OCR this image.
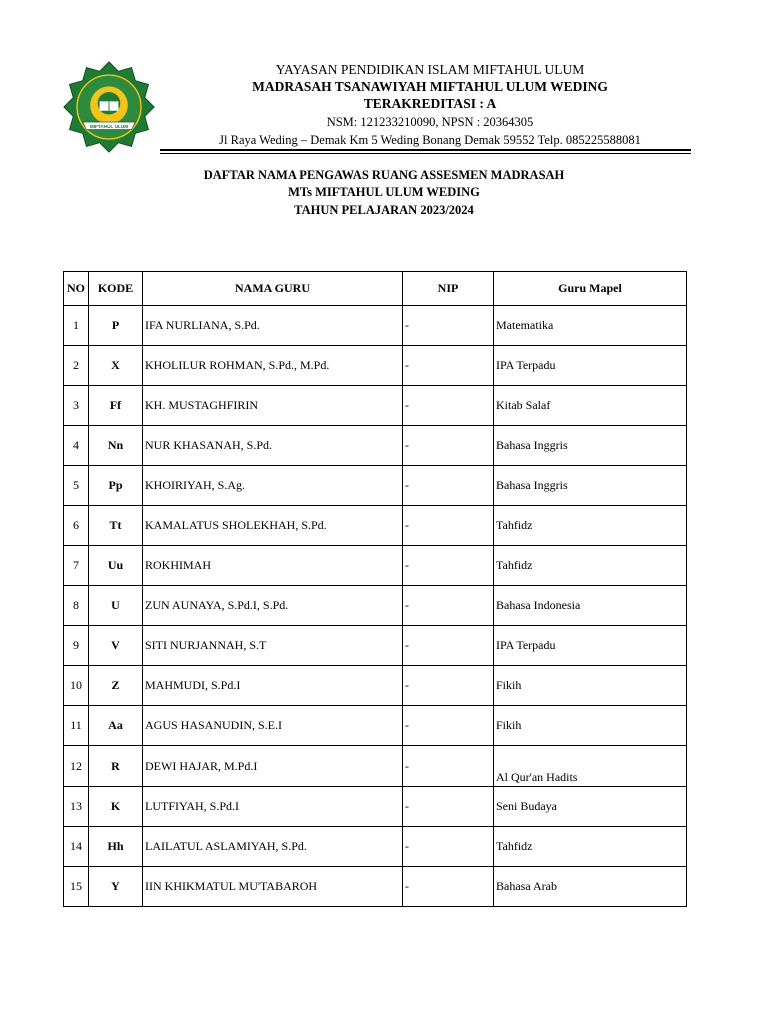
MIFTAHUL ULUM
YAYASAN PENDIDIKAN ISLAM MIFTAHUL ULUM
MADRASAH TSANAWIYAH MIFTAHUL ULUM WEDING
TERAKREDITASI : A
NSM: 121233210090, NPSN : 20364305
Jl Raya Weding – Demak Km 5 Weding Bonang Demak 59552 Telp. 085225588081
DAFTAR NAMA PENGAWAS RUANG ASSESMEN MADRASAH
MTs MIFTAHUL ULUM WEDING
TAHUN PELAJARAN 2023/2024
NO	KODE	NAMA GURU	NIP	Guru Mapel
1	P	IFA NURLIANA, S.Pd.	-	Matematika
2	X	KHOLILUR ROHMAN, S.Pd., M.Pd.	-	IPA Terpadu
3	Ff	KH. MUSTAGHFIRIN	-	Kitab Salaf
4	Nn	NUR KHASANAH, S.Pd.	-	Bahasa Inggris
5	Pp	KHOIRIYAH, S.Ag.	-	Bahasa Inggris
6	Tt	KAMALATUS SHOLEKHAH, S.Pd.	-	Tahfidz
7	Uu	ROKHIMAH	-	Tahfidz
8	U	ZUN AUNAYA, S.Pd.I, S.Pd.	-	Bahasa Indonesia
9	V	SITI NURJANNAH, S.T	-	IPA Terpadu
10	Z	MAHMUDI, S.Pd.I	-	Fikih
11	Aa	AGUS HASANUDIN, S.E.I	-	Fikih
12	R	DEWI HAJAR, M.Pd.I	-	Al Qur'an Hadits
13	K	LUTFIYAH, S.Pd.I	-	Seni Budaya
14	Hh	LAILATUL ASLAMIYAH, S.Pd.	-	Tahfidz
15	Y	IIN KHIKMATUL MU'TABAROH	-	Bahasa Arab
